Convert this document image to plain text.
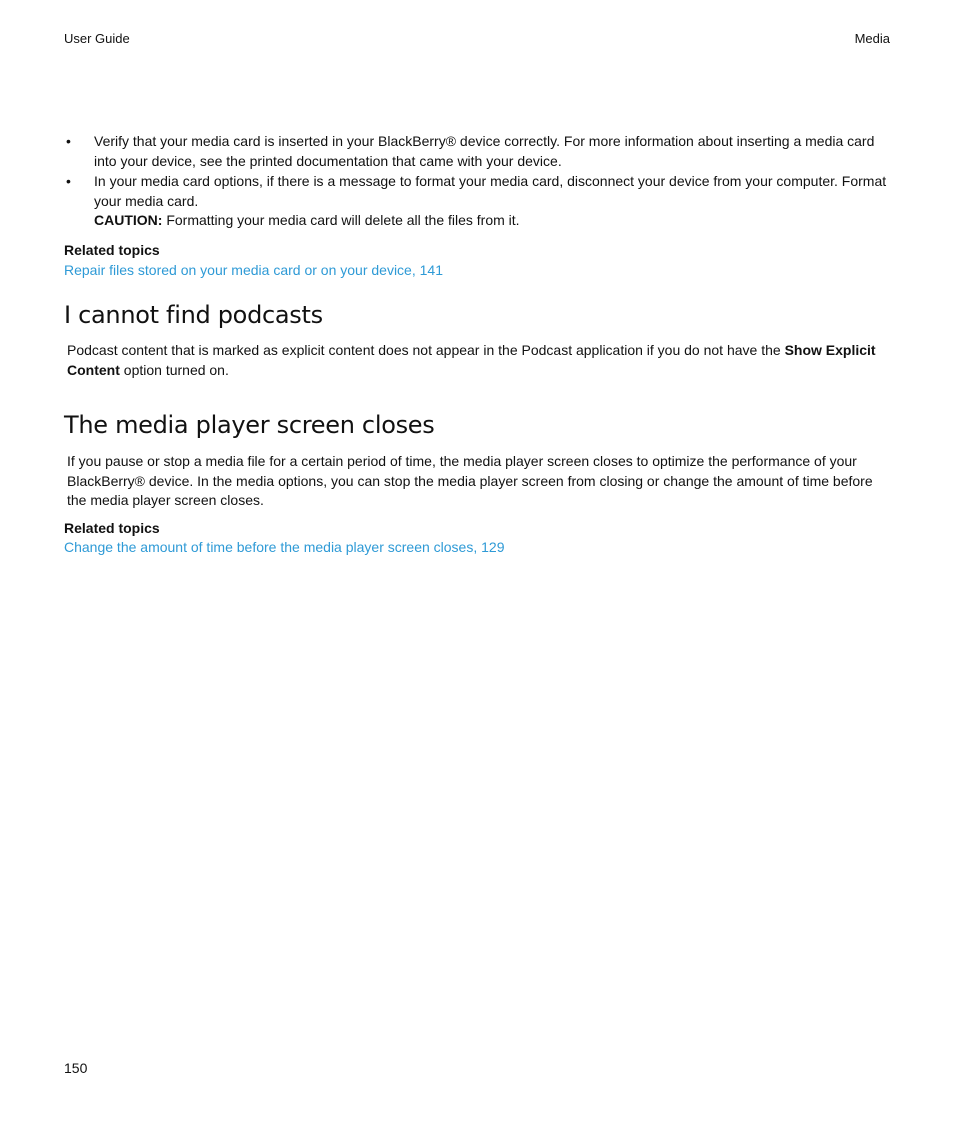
User Guide	Media
• Verify that your media card is inserted in your BlackBerry® device correctly. For more information about inserting a media card into your device, see the printed documentation that came with your device.
• In your media card options, if there is a message to format your media card, disconnect your device from your computer. Format your media card.
CAUTION: Formatting your media card will delete all the files from it.
Related topics
Repair files stored on your media card or on your device, 141
I cannot find podcasts

Podcast content that is marked as explicit content does not appear in the Podcast application if you do not have the Show Explicit Content option turned on.

The media player screen closes

If you pause or stop a media file for a certain period of time, the media player screen closes to optimize the performance of your BlackBerry® device. In the media options, you can stop the media player screen from closing or change the amount of time before the media player screen closes.

Related topics
Change the amount of time before the media player screen closes, 129
150
